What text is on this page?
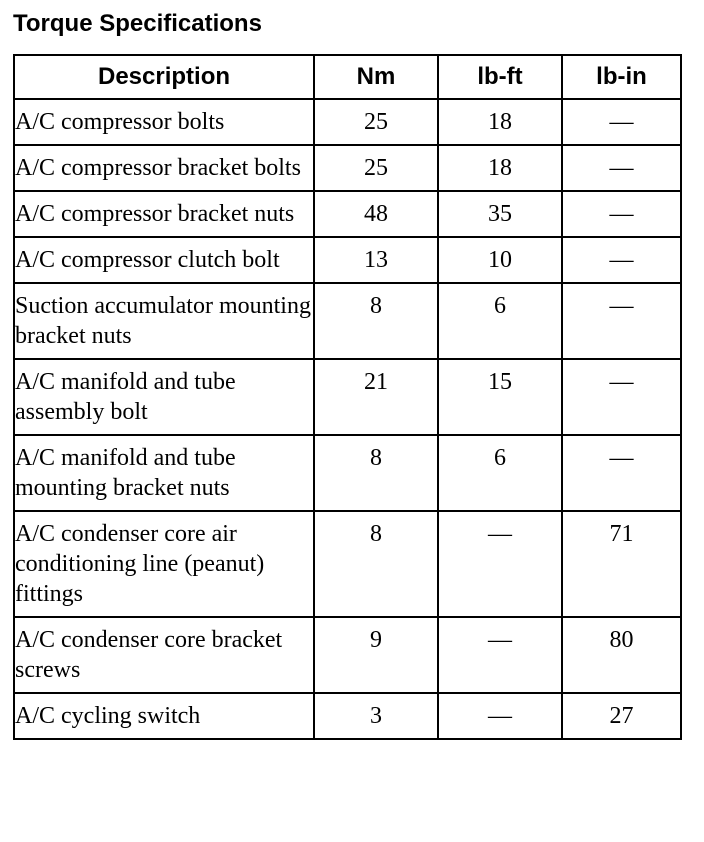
Torque Specifications
Description	Nm	lb-ft	lb-in
A/C compressor bolts	25	18	—
A/C compressor bracket bolts	25	18	—
A/C compressor bracket nuts	48	35	—
A/C compressor clutch bolt	13	10	—
Suction accumulator mounting bracket nuts	8	6	—
A/C manifold and tube assembly bolt	21	15	—
A/C manifold and tube mounting bracket nuts	8	6	—
A/C condenser core air conditioning line (peanut) fittings	8	—	71
A/C condenser core bracket screws	9	—	80
A/C cycling switch	3	—	27
